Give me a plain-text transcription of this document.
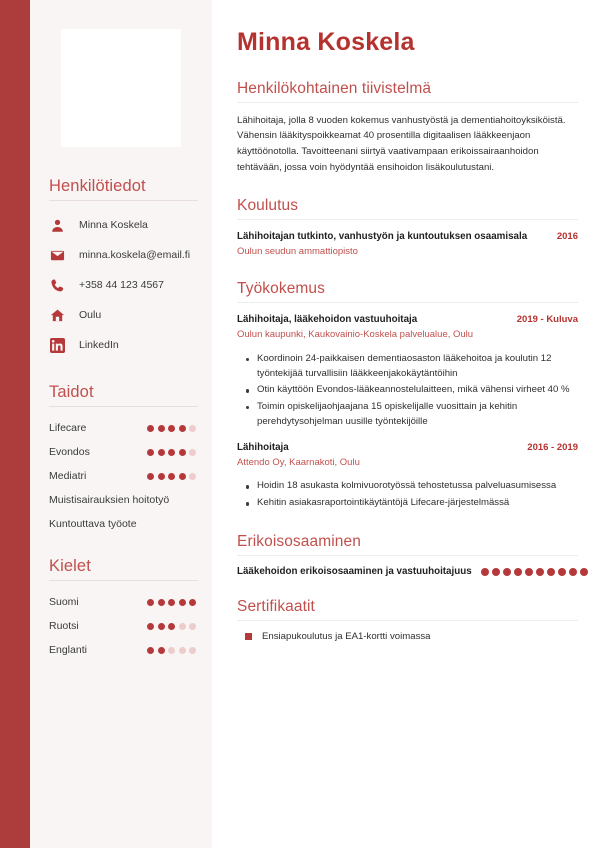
Henkilötiedot
Minna Koskela
minna.koskela@email.fi
+358 44 123 4567
Oulu
LinkedIn
Taidot
Lifecare
Evondos
Mediatri
Muistisairauksien hoitotyö
Kuntouttava työote
Kielet
Suomi
Ruotsi
Englanti
Minna Koskela
Henkilökohtainen tiivistelmä

Lähihoitaja, jolla 8 vuoden kokemus vanhustyöstä ja dementiahoitoyksiköistä. Vähensin lääkityspoikkeamat 40 prosentilla digitaalisen lääkkeenjaon käyttöönotolla. Tavoitteenani siirtyä vaativampaan erikoissairaanhoidon tehtävään, jossa voin hyödyntää ensihoidon lisäkoulutustani.

Koulutus
Lähihoitajan tutkinto, vanhustyön ja kuntoutuksen osaamisala	2016
Oulun seudun ammattiopisto
Työkokemus
Lähihoitaja, lääkehoidon vastuuhoitaja	2019 - Kuluva
Oulun kaupunki, Kaukovainio-Koskela palvelualue, Oulu
Koordinoin 24-paikkaisen dementiaosaston lääkehoitoa ja koulutin 12 työntekijää turvallisiin lääkkeenjakokäytäntöihin
Otin käyttöön Evondos-lääkeannostelulaitteen, mikä vähensi virheet 40 %
Toimin opiskelijaohjaajana 15 opiskelijalle vuosittain ja kehitin perehdytysohjelman uusille työntekijöille
Lähihoitaja	2016 - 2019
Attendo Oy, Kaarnakoti, Oulu
Hoidin 18 asukasta kolmivuorotyössä tehostetussa palveluasumisessa
Kehitin asiakasraportointikäytäntöjä Lifecare-järjestelmässä
Erikoisosaaminen
Lääkehoidon erikoisosaaminen ja vastuuhoitajuus
Sertifikaatit
Ensiapukoulutus ja EA1-kortti voimassa
